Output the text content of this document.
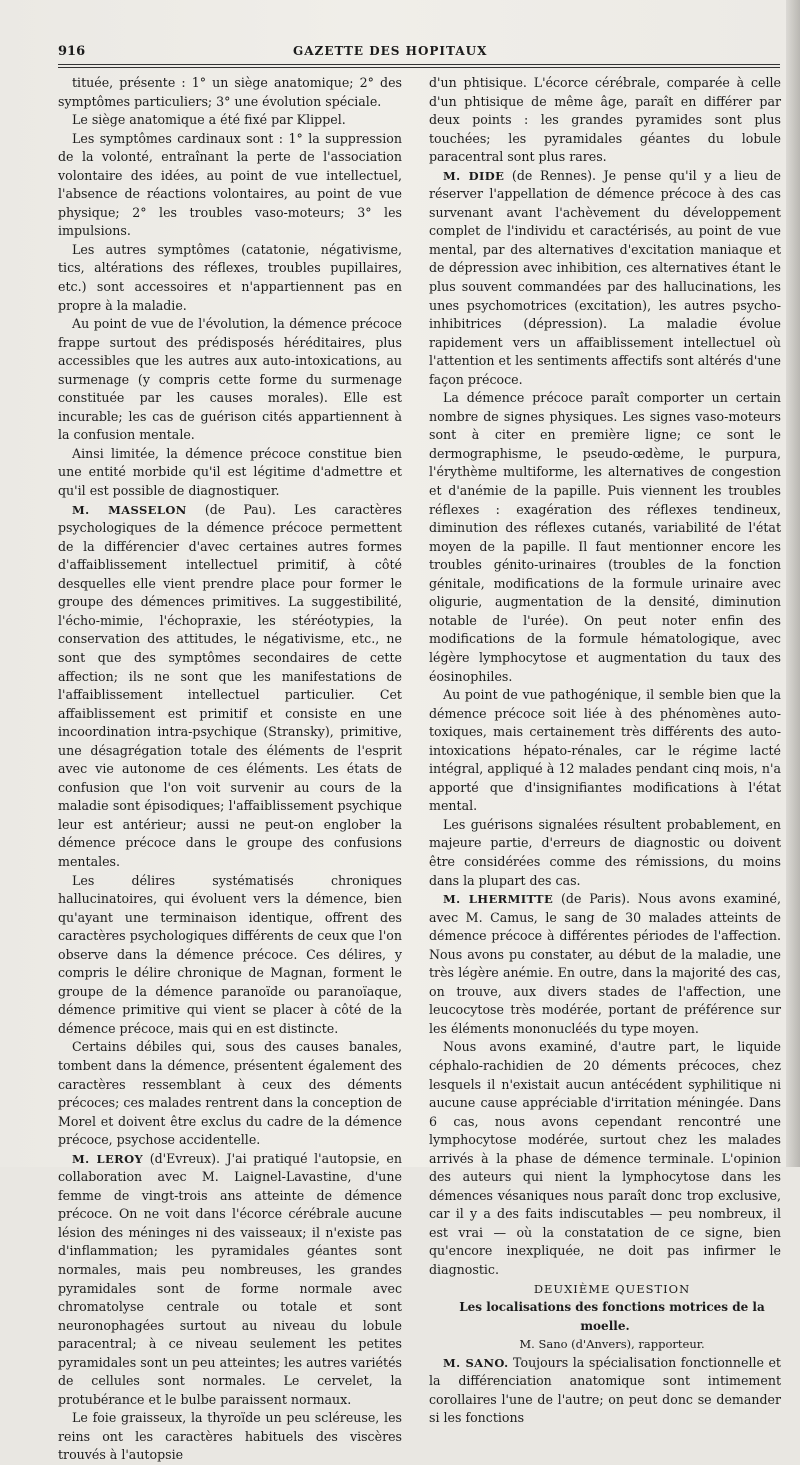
916	GAZETTE DES HOPITAUX

tituée, présente : 1° un siège anatomique; 2° des symptômes particuliers; 3° une évolution spéciale.

Le siège anatomique a été fixé par Klippel.

Les symptômes cardinaux sont : 1° la suppression de la volonté, entraînant la perte de l'association volontaire des idées, au point de vue intellectuel, l'absence de réactions volontaires, au point de vue physique; 2° les troubles vaso-moteurs; 3° les impulsions.

Les autres symptômes (catatonie, négativisme, tics, altérations des réflexes, troubles pupillaires, etc.) sont accessoires et n'appartiennent pas en propre à la maladie.

Au point de vue de l'évolution, la démence précoce frappe surtout des prédisposés héréditaires, plus accessibles que les autres aux auto-intoxications, au surmenage (y compris cette forme du surmenage constituée par les causes morales). Elle est incurable; les cas de guérison cités appartiennent à la confusion mentale.

Ainsi limitée, la démence précoce constitue bien une entité morbide qu'il est légitime d'admettre et qu'il est possible de diagnostiquer.

M. MASSELON (de Pau). Les caractères psychologiques de la démence précoce permettent de la différencier d'avec certaines autres formes d'affaiblissement intellectuel primitif, à côté desquelles elle vient prendre place pour former le groupe des démences primitives. La suggestibilité, l'écho-mimie, l'échopraxie, les stéréotypies, la conservation des attitudes, le négativisme, etc., ne sont que des symptômes secondaires de cette affection; ils ne sont que les manifestations de l'affaiblissement intellectuel particulier. Cet affaiblissement est primitif et consiste en une incoordination intra-psychique (Stransky), primitive, une désagrégation totale des éléments de l'esprit avec vie autonome de ces éléments. Les états de confusion que l'on voit survenir au cours de la maladie sont épisodiques; l'affaiblissement psychique leur est antérieur; aussi ne peut-on englober la démence précoce dans le groupe des confusions mentales.

Les délires systématisés chroniques hallucinatoires, qui évoluent vers la démence, bien qu'ayant une terminaison identique, offrent des caractères psychologiques différents de ceux que l'on observe dans la démence précoce. Ces délires, y compris le délire chronique de Magnan, forment le groupe de la démence paranoïde ou paranoïaque, démence primitive qui vient se placer à côté de la démence précoce, mais qui en est distincte.

Certains débiles qui, sous des causes banales, tombent dans la démence, présentent également des caractères ressemblant à ceux des déments précoces; ces malades rentrent dans la conception de Morel et doivent être exclus du cadre de la démence précoce, psychose accidentelle.

M. LEROY (d'Evreux). J'ai pratiqué l'autopsie, en collaboration avec M. Laignel-Lavastine, d'une femme de vingt-trois ans atteinte de démence précoce. On ne voit dans l'écorce cérébrale aucune lésion des méninges ni des vaisseaux; il n'existe pas d'inflammation; les pyramidales géantes sont normales, mais peu nombreuses, les grandes pyramidales sont de forme normale avec chromatolyse centrale ou totale et sont neuronophagées surtout au niveau du lobule paracentral; à ce niveau seulement les petites pyramidales sont un peu atteintes; les autres variétés de cellules sont normales. Le cervelet, la protubérance et le bulbe paraissent normaux.

Le foie graisseux, la thyroïde un peu scléreuse, les reins ont les caractères habituels des viscères trouvés à l'autopsie

d'un phtisique. L'écorce cérébrale, comparée à celle d'un phtisique de même âge, paraît en différer par deux points : les grandes pyramides sont plus touchées; les pyramidales géantes du lobule paracentral sont plus rares.

M. DIDE (de Rennes). Je pense qu'il y a lieu de réserver l'appellation de démence précoce à des cas survenant avant l'achèvement du développement complet de l'individu et caractérisés, au point de vue mental, par des alternatives d'excitation maniaque et de dépression avec inhibition, ces alternatives étant le plus souvent commandées par des hallucinations, les unes psychomotrices (excitation), les autres psycho-inhibitrices (dépression). La maladie évolue rapidement vers un affaiblissement intellectuel où l'attention et les sentiments affectifs sont altérés d'une façon précoce.

La démence précoce paraît comporter un certain nombre de signes physiques. Les signes vaso-moteurs sont à citer en première ligne; ce sont le dermographisme, le pseudo-œdème, le purpura, l'érythème multiforme, les alternatives de congestion et d'anémie de la papille. Puis viennent les troubles réflexes : exagération des réflexes tendineux, diminution des réflexes cutanés, variabilité de l'état moyen de la papille. Il faut mentionner encore les troubles génito-urinaires (troubles de la fonction génitale, modifications de la formule urinaire avec oligurie, augmentation de la densité, diminution notable de l'urée). On peut noter enfin des modifications de la formule hématologique, avec légère lymphocytose et augmentation du taux des éosinophiles.

Au point de vue pathogénique, il semble bien que la démence précoce soit liée à des phénomènes auto-toxiques, mais certainement très différents des auto-intoxications hépato-rénales, car le régime lacté intégral, appliqué à 12 malades pendant cinq mois, n'a apporté que d'insignifiantes modifications à l'état mental.

Les guérisons signalées résultent probablement, en majeure partie, d'erreurs de diagnostic ou doivent être considérées comme des rémissions, du moins dans la plupart des cas.

M. LHERMITTE (de Paris). Nous avons examiné, avec M. Camus, le sang de 30 malades atteints de démence précoce à différentes périodes de l'affection. Nous avons pu constater, au début de la maladie, une très légère anémie. En outre, dans la majorité des cas, on trouve, aux divers stades de l'affection, une leucocytose très modérée, portant de préférence sur les éléments mononucléés du type moyen.

Nous avons examiné, d'autre part, le liquide céphalo-rachidien de 20 déments précoces, chez lesquels il n'existait aucun antécédent syphilitique ni aucune cause appréciable d'irritation méningée. Dans 6 cas, nous avons cependant rencontré une lymphocytose modérée, surtout chez les malades arrivés à la phase de démence terminale. L'opinion des auteurs qui nient la lymphocytose dans les démences vésaniques nous paraît donc trop exclusive, car il y a des faits indiscutables — peu nombreux, il est vrai — où la constatation de ce signe, bien qu'encore inexpliquée, ne doit pas infirmer le diagnostic.

DEUXIÈME QUESTION

Les localisations des fonctions motrices de la moelle.

M. Sano (d'Anvers), rapporteur.

M. SANO. Toujours la spécialisation fonctionnelle et la différenciation anatomique sont intimement corollaires l'une de l'autre; on peut donc se demander si les fonctions
